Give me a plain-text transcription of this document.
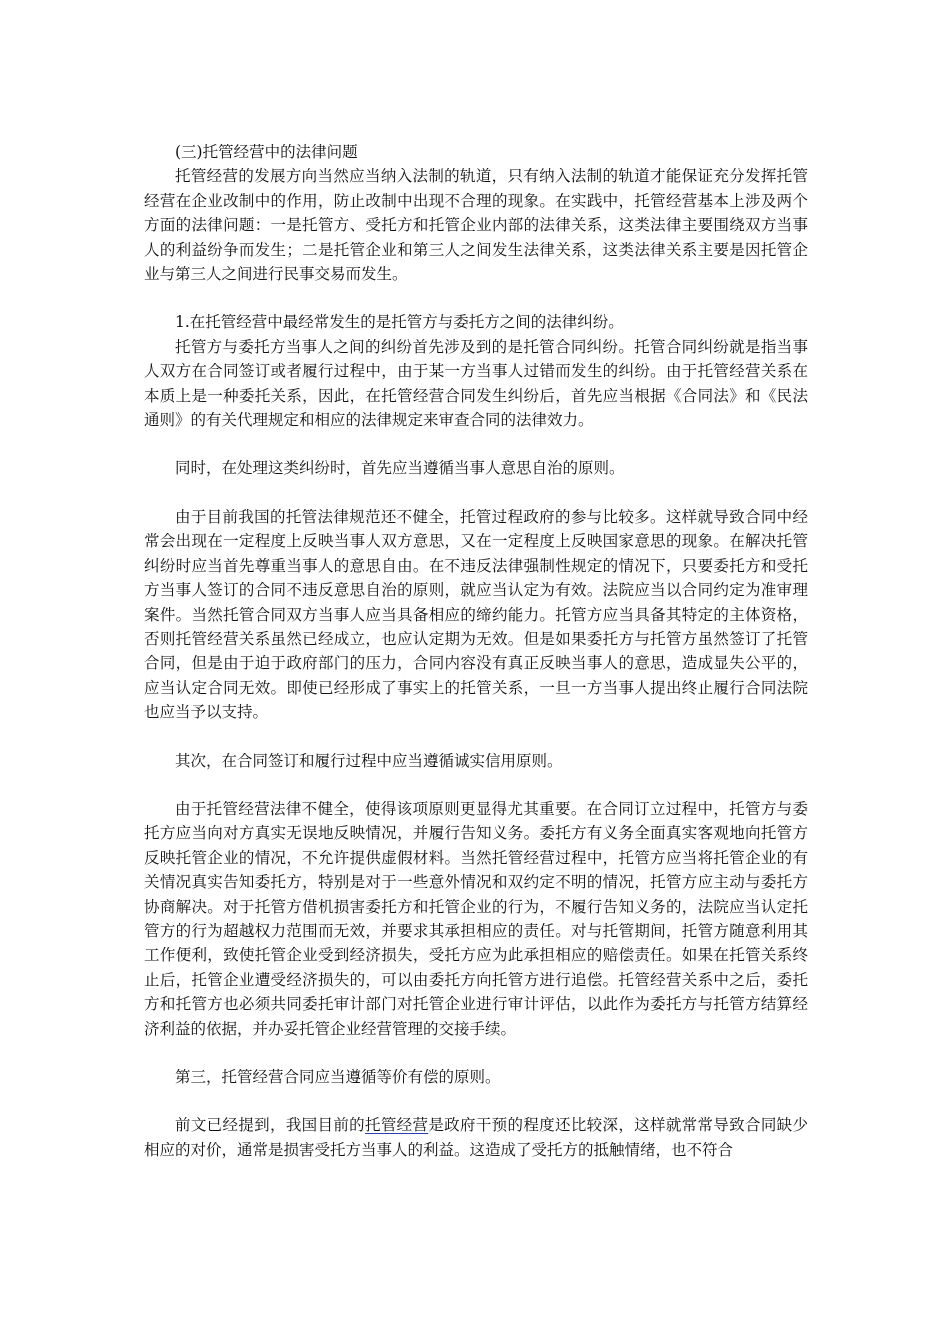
(三)托管经营中的法律问题

托管经营的发展方向当然应当纳入法制的轨道，只有纳入法制的轨道才能保证充分发挥托管经营在企业改制中的作用，防止改制中出现不合理的现象。在实践中，托管经营基本上涉及两个方面的法律问题：一是托管方、受托方和托管企业内部的法律关系，这类法律主要围绕双方当事人的利益纷争而发生；二是托管企业和第三人之间发生法律关系，这类法律关系主要是因托管企业与第三人之间进行民事交易而发生。

1.在托管经营中最经常发生的是托管方与委托方之间的法律纠纷。

托管方与委托方当事人之间的纠纷首先涉及到的是托管合同纠纷。托管合同纠纷就是指当事人双方在合同签订或者履行过程中，由于某一方当事人过错而发生的纠纷。由于托管经营关系在本质上是一种委托关系，因此，在托管经营合同发生纠纷后，首先应当根据《合同法》和《民法通则》的有关代理规定和相应的法律规定来审查合同的法律效力。

同时，在处理这类纠纷时，首先应当遵循当事人意思自治的原则。

由于目前我国的托管法律规范还不健全，托管过程政府的参与比较多。这样就导致合同中经常会出现在一定程度上反映当事人双方意思，又在一定程度上反映国家意思的现象。在解决托管纠纷时应当首先尊重当事人的意思自由。在不违反法律强制性规定的情况下，只要委托方和受托方当事人签订的合同不违反意思自治的原则，就应当认定为有效。法院应当以合同约定为准审理案件。当然托管合同双方当事人应当具备相应的缔约能力。托管方应当具备其特定的主体资格，否则托管经营关系虽然已经成立，也应认定期为无效。但是如果委托方与托管方虽然签订了托管合同，但是由于迫于政府部门的压力，合同内容没有真正反映当事人的意思，造成显失公平的，应当认定合同无效。即使已经形成了事实上的托管关系，一旦一方当事人提出终止履行合同法院也应当予以支持。

其次，在合同签订和履行过程中应当遵循诚实信用原则。

由于托管经营法律不健全，使得该项原则更显得尤其重要。在合同订立过程中，托管方与委托方应当向对方真实无误地反映情况，并履行告知义务。委托方有义务全面真实客观地向托管方反映托管企业的情况，不允许提供虚假材料。当然托管经营过程中，托管方应当将托管企业的有关情况真实告知委托方，特别是对于一些意外情况和双约定不明的情况，托管方应主动与委托方协商解决。对于托管方借机损害委托方和托管企业的行为，不履行告知义务的，法院应当认定托管方的行为超越权力范围而无效，并要求其承担相应的责任。对与托管期间，托管方随意利用其工作便利，致使托管企业受到经济损失，受托方应为此承担相应的赔偿责任。如果在托管关系终止后，托管企业遭受经济损失的，可以由委托方向托管方进行追偿。托管经营关系中之后，委托方和托管方也必须共同委托审计部门对托管企业进行审计评估，以此作为委托方与托管方结算经济利益的依据，并办妥托管企业经营管理的交接手续。

第三，托管经营合同应当遵循等价有偿的原则。

前文已经提到，我国目前的托管经营是政府干预的程度还比较深，这样就常常导致合同缺少相应的对价，通常是损害受托方当事人的利益。这造成了受托方的抵触情绪，也不符合
